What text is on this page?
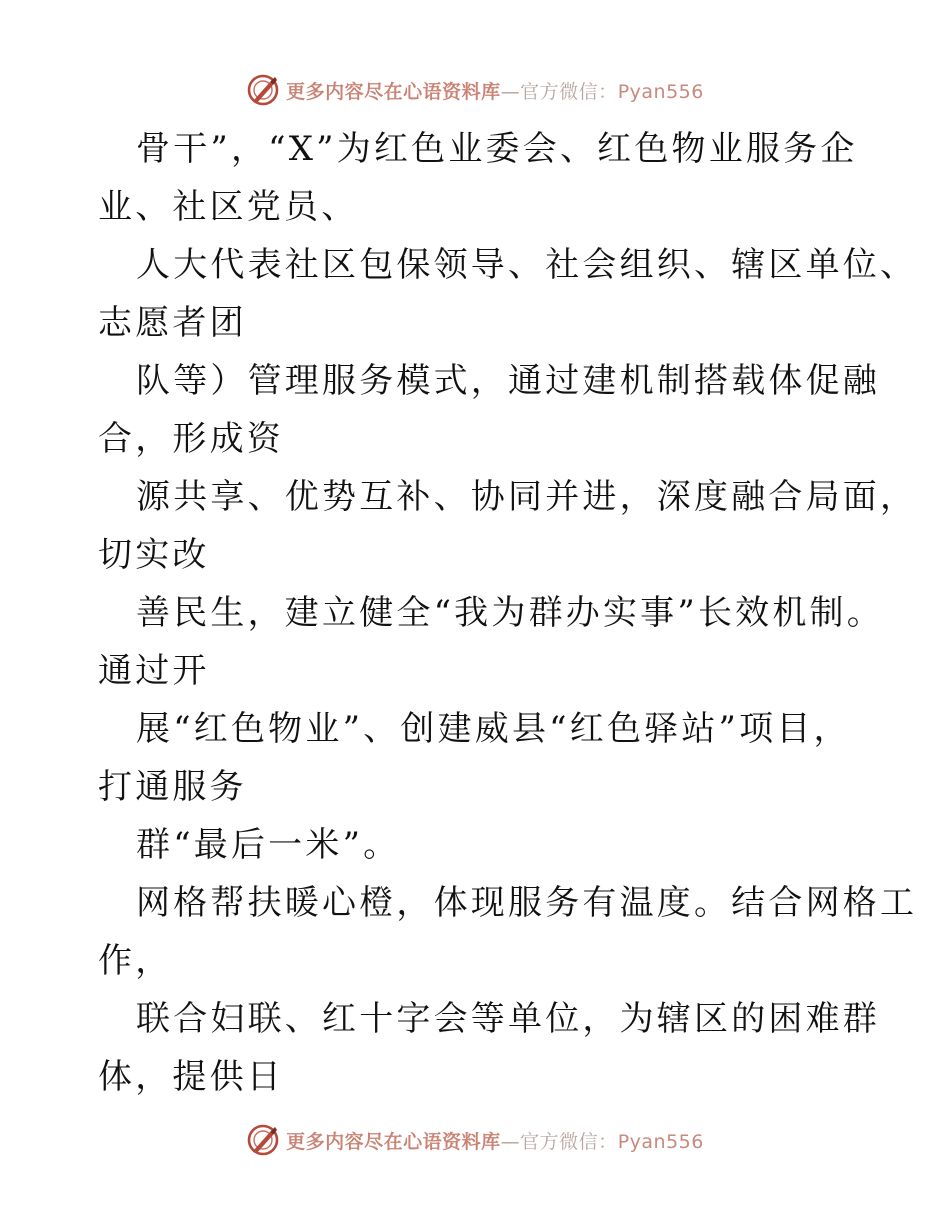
更多内容尽在心语资料库—官方微信：Pyan556
骨干”，“X”为红色业委会、红色物业服务企
业、社区党员、
人大代表社区包保领导、社会组织、辖区单位、
志愿者团
队等）管理服务模式，通过建机制搭载体促融
合，形成资
源共享、优势互补、协同并进，深度融合局面，
切实改
善民生，建立健全“我为群办实事”长效机制。
通过开
展“红色物业”、创建威县“红色驿站”项目，
打通服务
群“最后一米”。
网格帮扶暖心橙，体现服务有温度。结合网格工
作，
联合妇联、红十字会等单位，为辖区的困难群
体，提供日
更多内容尽在心语资料库—官方微信：Pyan556
